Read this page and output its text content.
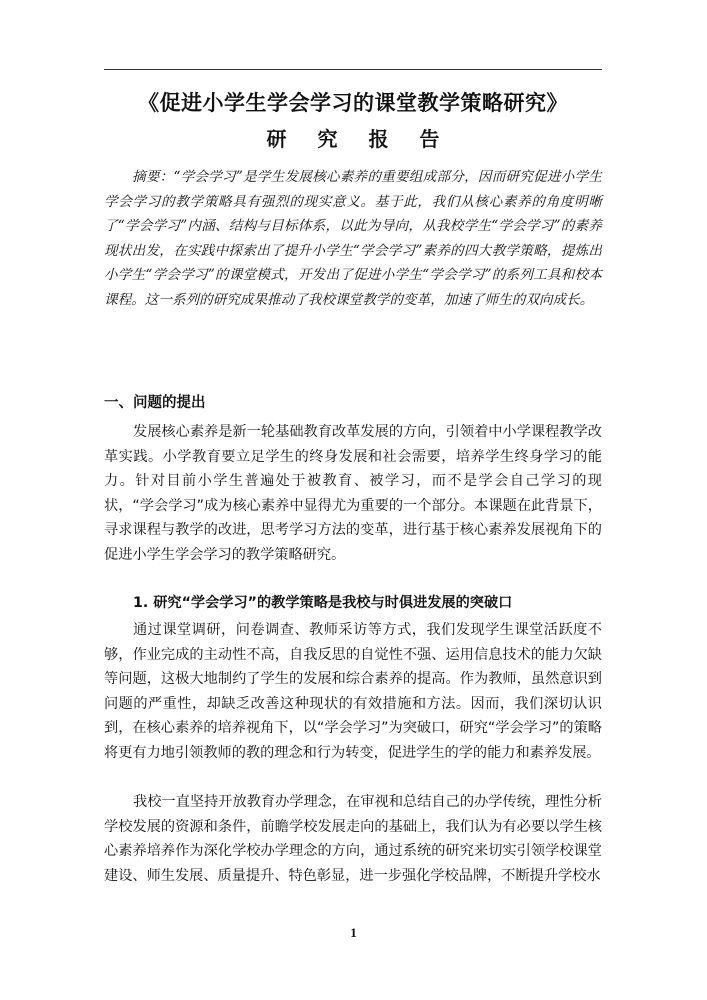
《促进小学生学会学习的课堂教学策略研究》
研 究 报 告

摘要：“学会学习”是学生发展核心素养的重要组成部分，因而研究促进小学生学会学习的教学策略具有强烈的现实意义。基于此，我们从核心素养的角度明晰了“学会学习”内涵、结构与目标体系，以此为导向，从我校学生“学会学习”的素养现状出发，在实践中探索出了提升小学生“学会学习”素养的四大教学策略，提炼出小学生“学会学习”的课堂模式，开发出了促进小学生“学会学习”的系列工具和校本课程。这一系列的研究成果推动了我校课堂教学的变革，加速了师生的双向成长。

一、问题的提出

发展核心素养是新一轮基础教育改革发展的方向，引领着中小学课程教学改革实践。小学教育要立足学生的终身发展和社会需要，培养学生终身学习的能力。针对目前小学生普遍处于被教育、被学习，而不是学会自己学习的现状，“学会学习”成为核心素养中显得尤为重要的一个部分。本课题在此背景下，寻求课程与教学的改进，思考学习方法的变革，进行基于核心素养发展视角下的促进小学生学会学习的教学策略研究。

1. 研究“学会学习”的教学策略是我校与时俱进发展的突破口

通过课堂调研，问卷调查、教师采访等方式，我们发现学生课堂活跃度不够，作业完成的主动性不高，自我反思的自觉性不强、运用信息技术的能力欠缺等问题，这极大地制约了学生的发展和综合素养的提高。作为教师，虽然意识到问题的严重性，却缺乏改善这种现状的有效措施和方法。因而，我们深切认识到，在核心素养的培养视角下，以“学会学习”为突破口，研究“学会学习”的策略将更有力地引领教师的教的理念和行为转变，促进学生的学的能力和素养发展。

我校一直坚持开放教育办学理念，在审视和总结自己的办学传统，理性分析学校发展的资源和条件，前瞻学校发展走向的基础上，我们认为有必要以学生核心素养培养作为深化学校办学理念的方向，通过系统的研究来切实引领学校课堂建设、师生发展、质量提升、特色彰显，进一步强化学校品牌，不断提升学校水

1
